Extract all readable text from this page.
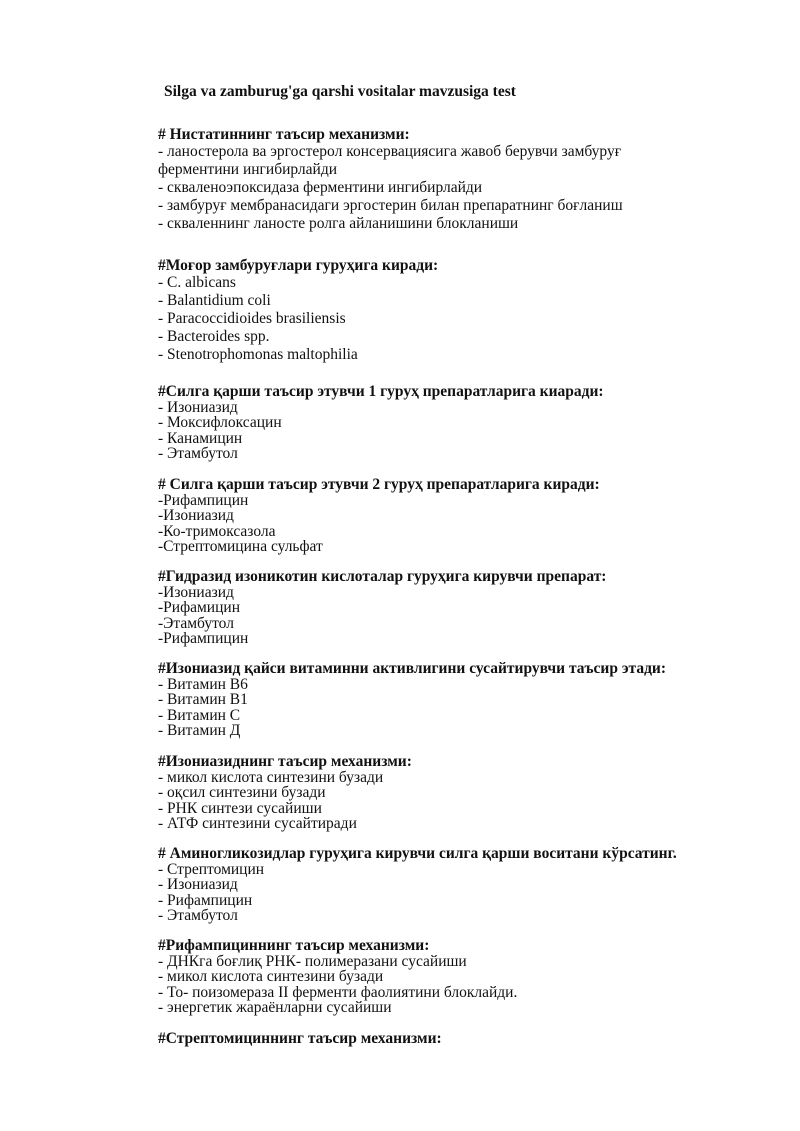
Silga va zamburug'ga qarshi vositalar mavzusiga test
# Нистатиннинг таъсир механизми:
- ланостерола ва эргостерол консервациясига жавоб берувчи замбуруғ ферментини ингибирлайди
- скваленоэпоксидаза ферментини ингибирлайди
- замбуруғ мембранасидаги эргостерин билан препаратнинг боғланиш
- скваленнинг ланосте ролга айланишини блокланиши
#Моғор замбуруғлари гуруҳига киради:
- C. albicans
- Balantidium coli
- Paracoccidioides brasiliensis
- Bacteroides spp.
- Stenotrophomonas maltophilia
#Силга қарши таъсир этувчи 1 гуруҳ препаратларига киаради:
- Изониазид
- Моксифлоксацин
- Канамицин
- Этамбутол
# Силга қарши таъсир этувчи 2 гуруҳ препаратларига киради:
-Рифампицин
-Изониазид
-Ко-тримоксазола
-Стрептомицина сульфат
#Гидразид изоникотин кислоталар гуруҳига кирувчи препарат:
-Изониазид
-Рифамицин
-Этамбутол
-Рифампицин
#Изониазид қайси витаминни активлигини сусайтирувчи таъсир этади:
- Витамин В6
- Витамин В1
- Витамин С
- Витамин Д
#Изониазиднинг таъсир механизми:
- микол кислота синтезини бузади
- оқсил синтезини бузади
- РНК синтези сусайиши
- АТФ синтезини сусайтиради
# Аминогликозидлар гуруҳига кирувчи силга қарши воситани кўрсатинг.
- Стрептомицин
- Изониазид
- Рифампицин
- Этамбутол
#Рифампициннинг таъсир механизми:
- ДНКга боғлиқ РНК- полимеразани сусайиши
- микол кислота синтезини бузади
- То- поизомераза II ферменти фаолиятини блоклайди.
- энергетик жараёнларни сусайиши
#Стрептомициннинг таъсир механизми:
